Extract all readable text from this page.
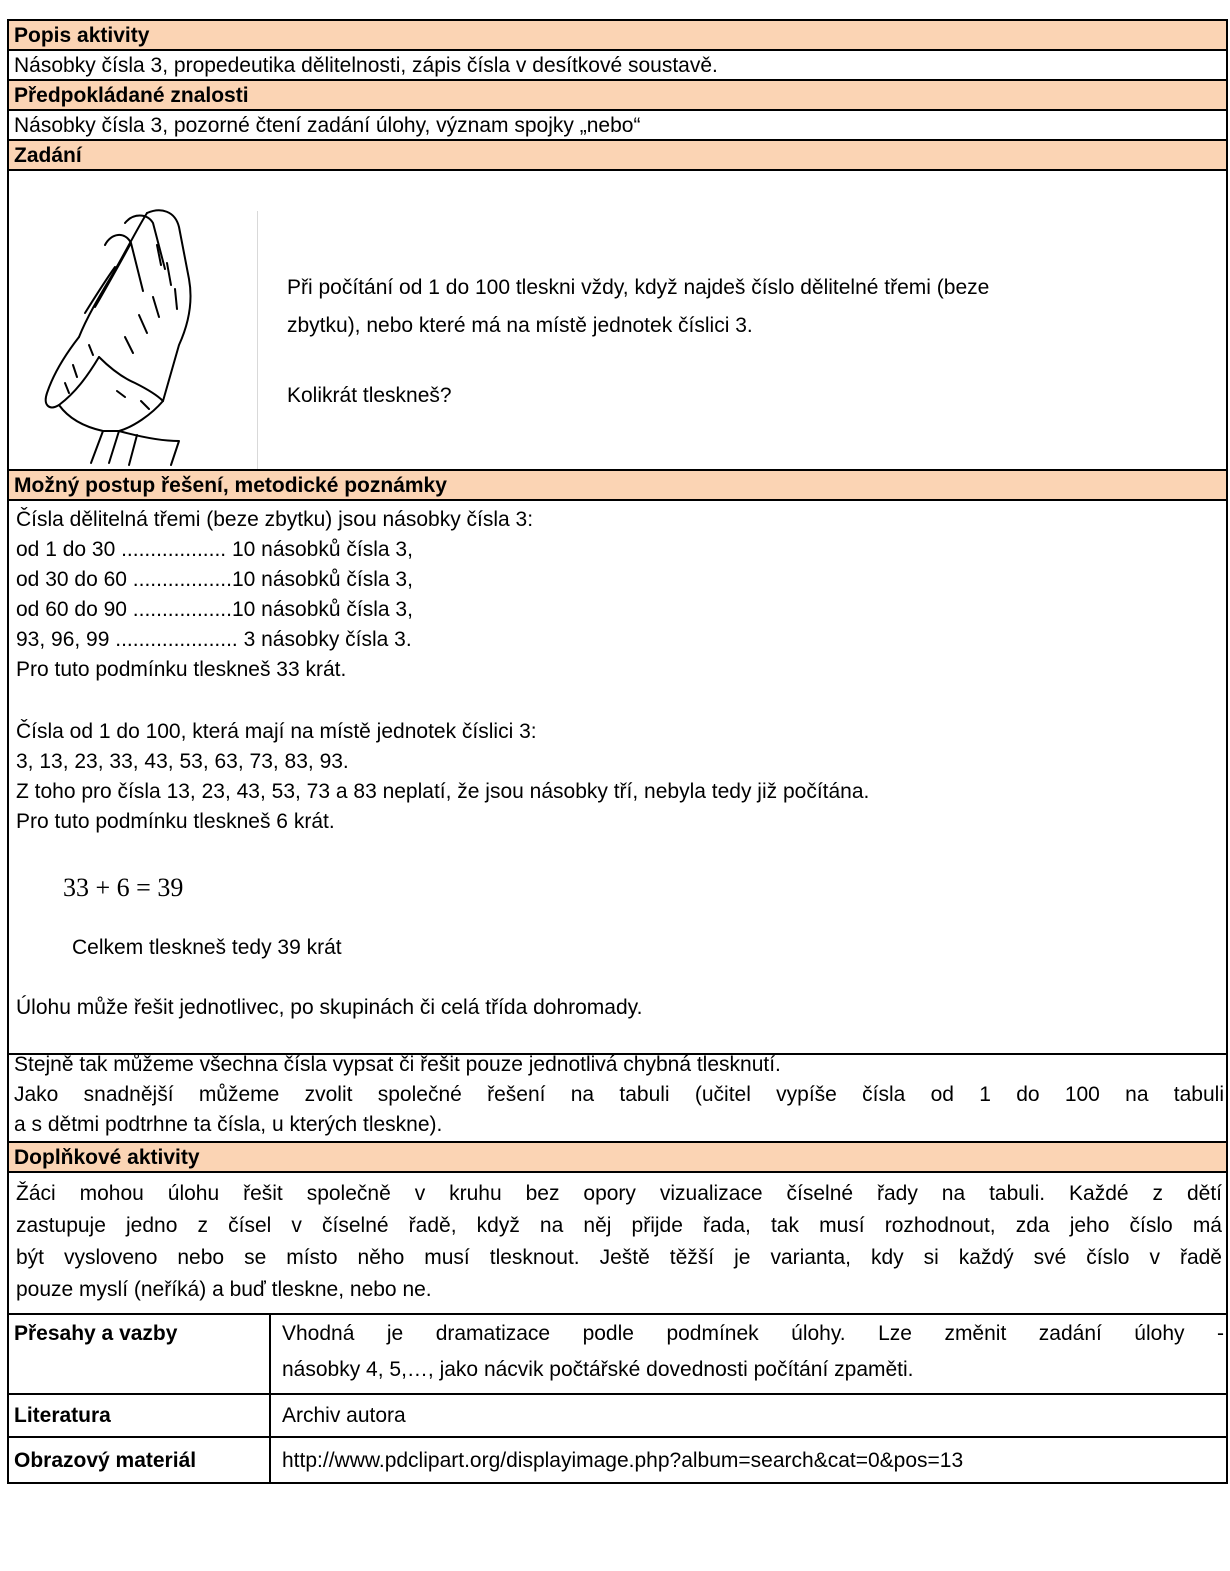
Popis aktivity
Násobky čísla 3, propedeutika dělitelnosti, zápis čísla v desítkové soustavě.
Předpokládané znalosti
Násobky čísla 3, pozorné čtení zadání úlohy, význam spojky „nebo“
Zadání
Při počítání od 1 do 100 tleskni vždy, když najdeš číslo dělitelné třemi (beze
zbytku), nebo které má na místě jednotek číslici 3.
Kolikrát tleskneš?
Možný postup řešení, metodické poznámky
Čísla dělitelná třemi (beze zbytku) jsou násobky čísla 3:
od 1 do 30 .................. 10 násobků čísla 3,
od 30 do 60 .................10 násobků čísla 3,
od 60 do 90 .................10 násobků čísla 3,
93, 96, 99 ..................... 3 násobky čísla 3.
Pro tuto podmínku tleskneš 33 krát.
Čísla od 1 do 100, která mají na místě jednotek číslici 3:
3, 13, 23, 33, 43, 53, 63, 73, 83, 93.
Z toho pro čísla 13, 23, 43, 53, 73 a 83 neplatí, že jsou násobky tří, nebyla tedy již počítána.
Pro tuto podmínku tleskneš 6 krát.
33 + 6 = 39
Celkem tleskneš tedy 39 krát
Úlohu může řešit jednotlivec, po skupinách či celá třída dohromady.
Stejně tak můžeme všechna čísla vypsat či řešit pouze jednotlivá chybná tlesknutí.
Jako snadnější můžeme zvolit společné řešení na tabuli (učitel vypíše čísla od 1 do 100 na tabuli
a s dětmi podtrhne ta čísla, u kterých tleskne).
Doplňkové aktivity
Žáci mohou úlohu řešit společně v kruhu bez opory vizualizace číselné řady na tabuli. Každé z dětí
zastupuje jedno z čísel v číselné řadě, když na něj přijde řada, tak musí rozhodnout, zda jeho číslo má
být vysloveno nebo se místo něho musí tlesknout. Ještě těžší je varianta, kdy si každý své číslo v řadě
pouze myslí (neříká) a buď tleskne, nebo ne.
Přesahy a vazby	Vhodná je dramatizace podle podmínek úlohy. Lze změnit zadání úlohy -
násobky 4, 5,…, jako nácvik počtářské dovednosti počítání zpaměti.
Literatura	Archiv autora
Obrazový materiál	http://www.pdclipart.org/displayimage.php?album=search&cat=0&pos=13
